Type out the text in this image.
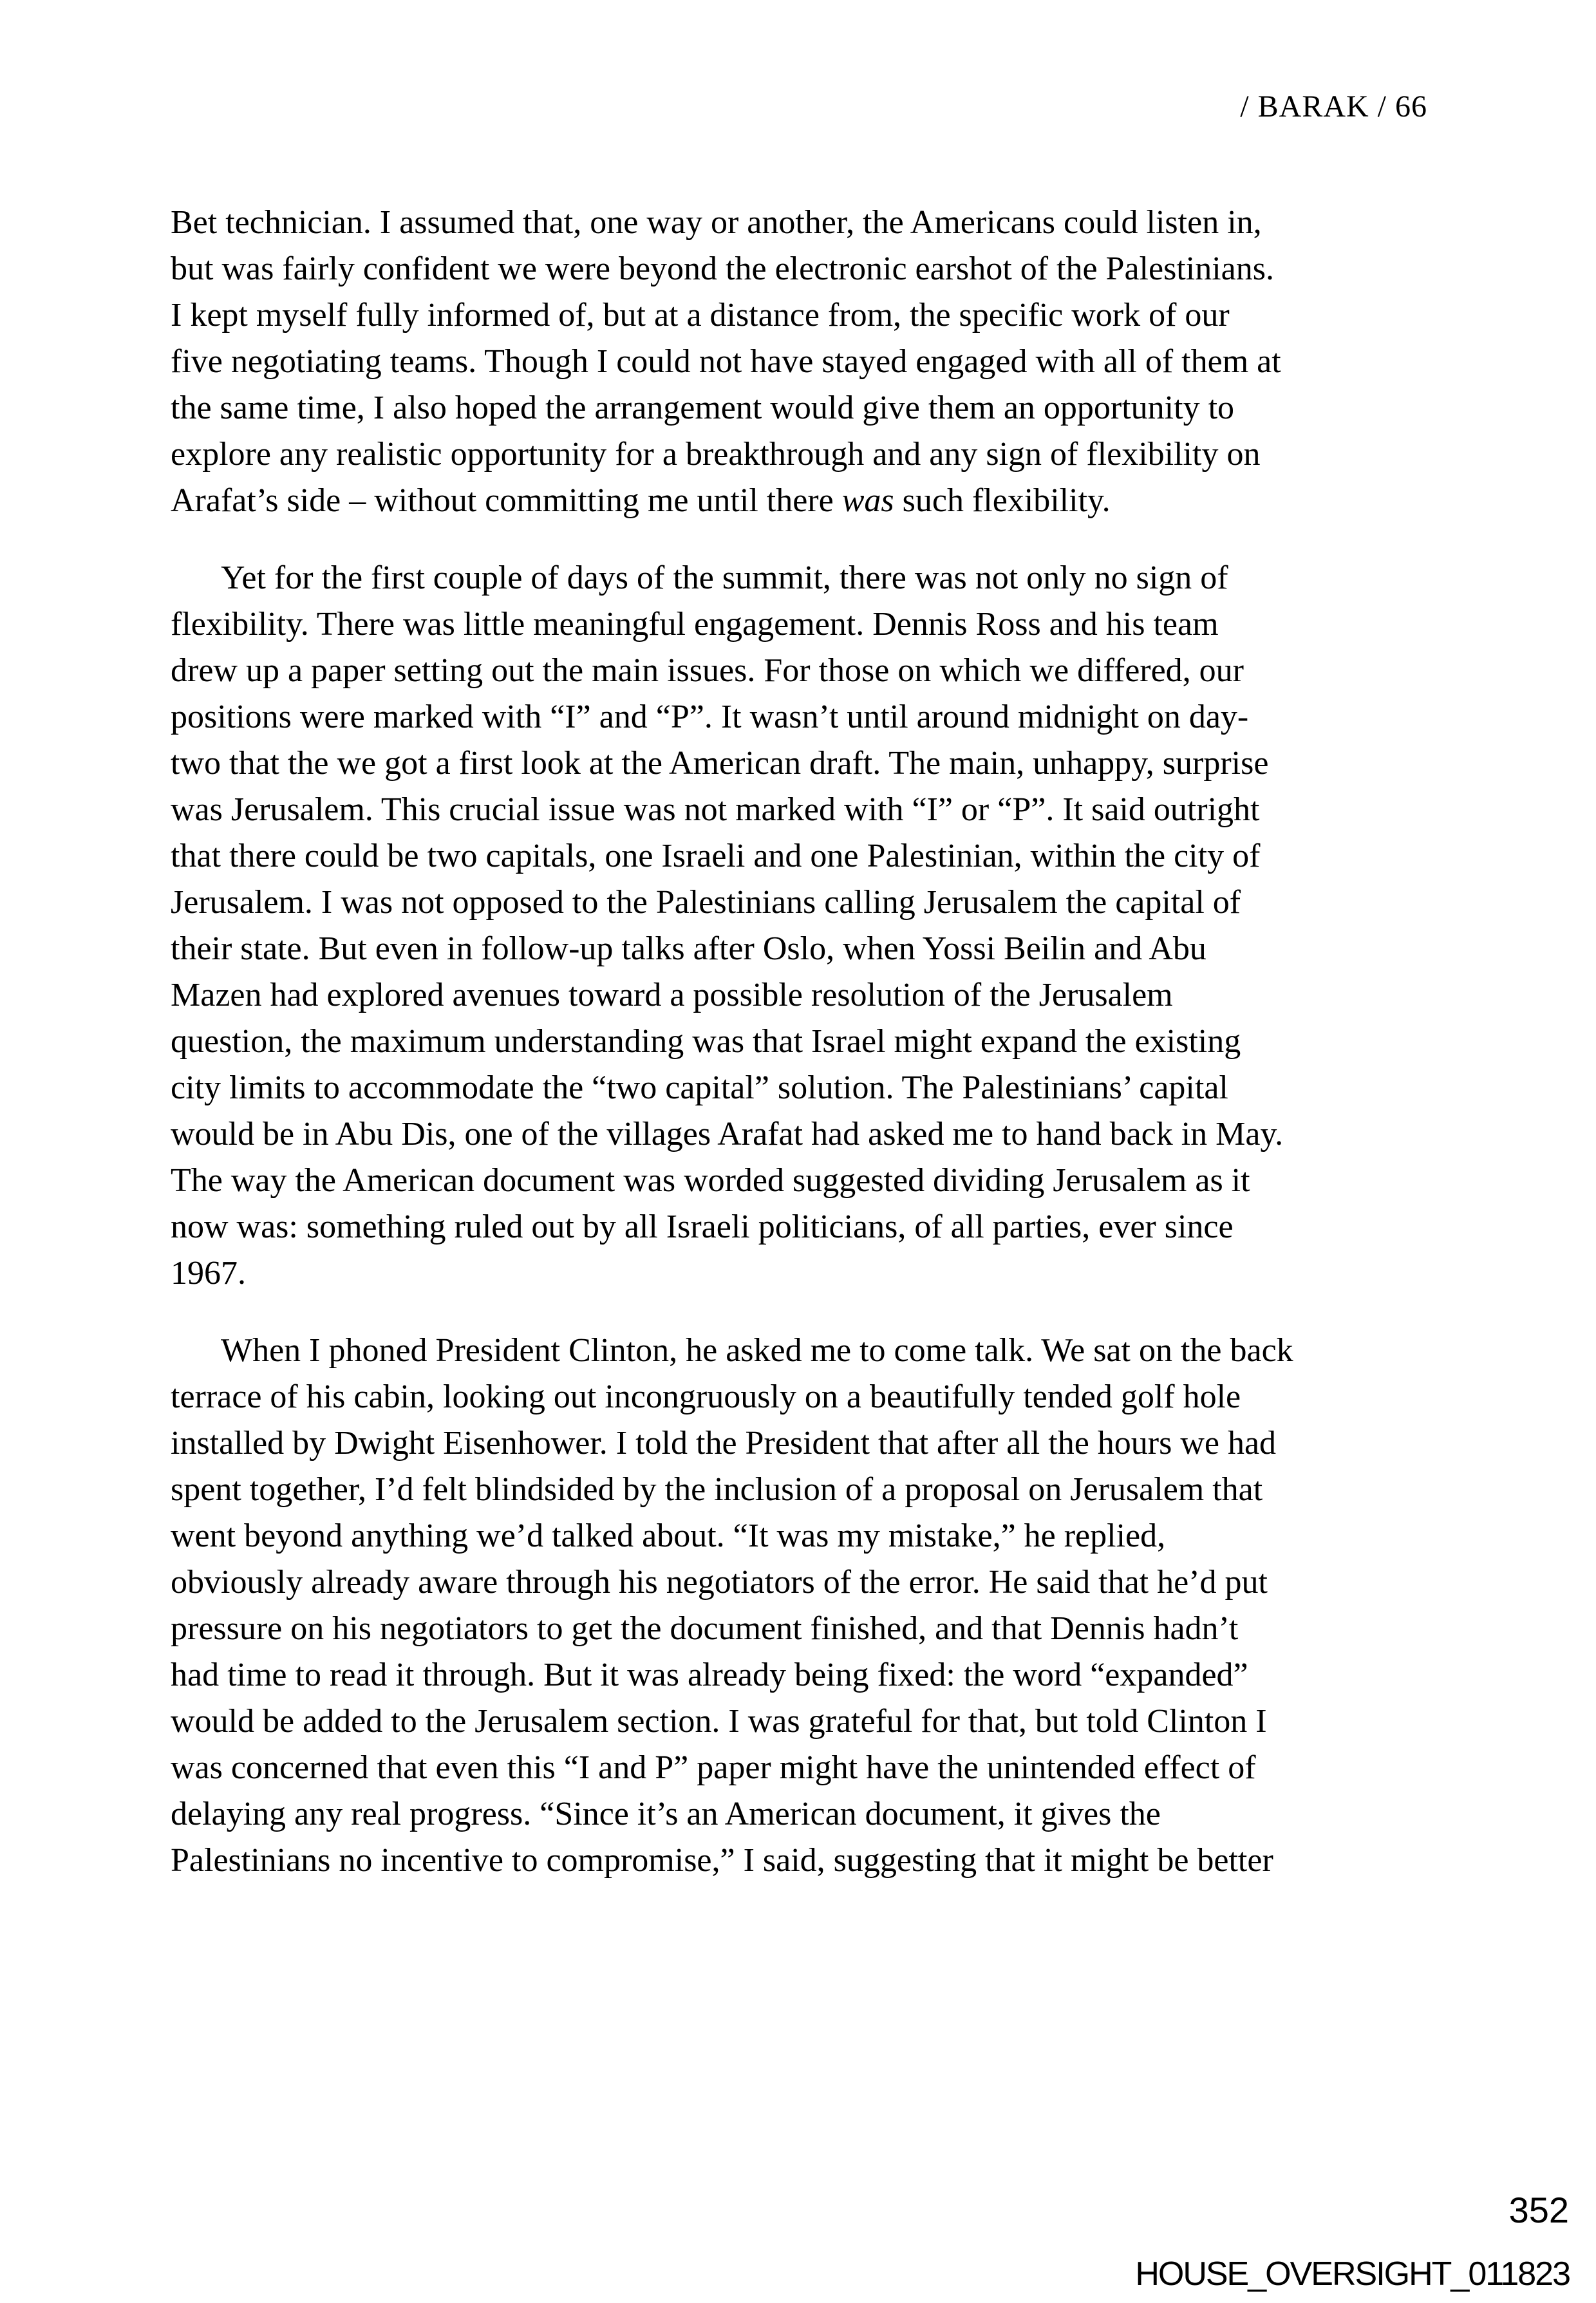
/ BARAK / 66
Bet technician. I assumed that, one way or another, the Americans could listen in,
but was fairly confident we were beyond the electronic earshot of the Palestinians.
I kept myself fully informed of, but at a distance from, the specific work of our
five negotiating teams. Though I could not have stayed engaged with all of them at
the same time, I also hoped the arrangement would give them an opportunity to
explore any realistic opportunity for a breakthrough and any sign of flexibility on
Arafat’s side – without committing me until there was such flexibility.
Yet for the first couple of days of the summit, there was not only no sign of
flexibility. There was little meaningful engagement. Dennis Ross and his team
drew up a paper setting out the main issues. For those on which we differed, our
positions were marked with “I” and “P”. It wasn’t until around midnight on day-
two that the we got a first look at the American draft. The main, unhappy, surprise
was Jerusalem. This crucial issue was not marked with “I” or “P”. It said outright
that there could be two capitals, one Israeli and one Palestinian, within the city of
Jerusalem. I was not opposed to the Palestinians calling Jerusalem the capital of
their state. But even in follow-up talks after Oslo, when Yossi Beilin and Abu
Mazen had explored avenues toward a possible resolution of the Jerusalem
question, the maximum understanding was that Israel might expand the existing
city limits to accommodate the “two capital” solution. The Palestinians’ capital
would be in Abu Dis, one of the villages Arafat had asked me to hand back in May.
The way the American document was worded suggested dividing Jerusalem as it
now was: something ruled out by all Israeli politicians, of all parties, ever since
1967.
When I phoned President Clinton, he asked me to come talk. We sat on the back
terrace of his cabin, looking out incongruously on a beautifully tended golf hole
installed by Dwight Eisenhower. I told the President that after all the hours we had
spent together, I’d felt blindsided by the inclusion of a proposal on Jerusalem that
went beyond anything we’d talked about. “It was my mistake,” he replied,
obviously already aware through his negotiators of the error. He said that he’d put
pressure on his negotiators to get the document finished, and that Dennis hadn’t
had time to read it through. But it was already being fixed: the word “expanded”
would be added to the Jerusalem section. I was grateful for that, but told Clinton I
was concerned that even this “I and P” paper might have the unintended effect of
delaying any real progress. “Since it’s an American document, it gives the
Palestinians no incentive to compromise,” I said, suggesting that it might be better
352
HOUSE_OVERSIGHT_011823
